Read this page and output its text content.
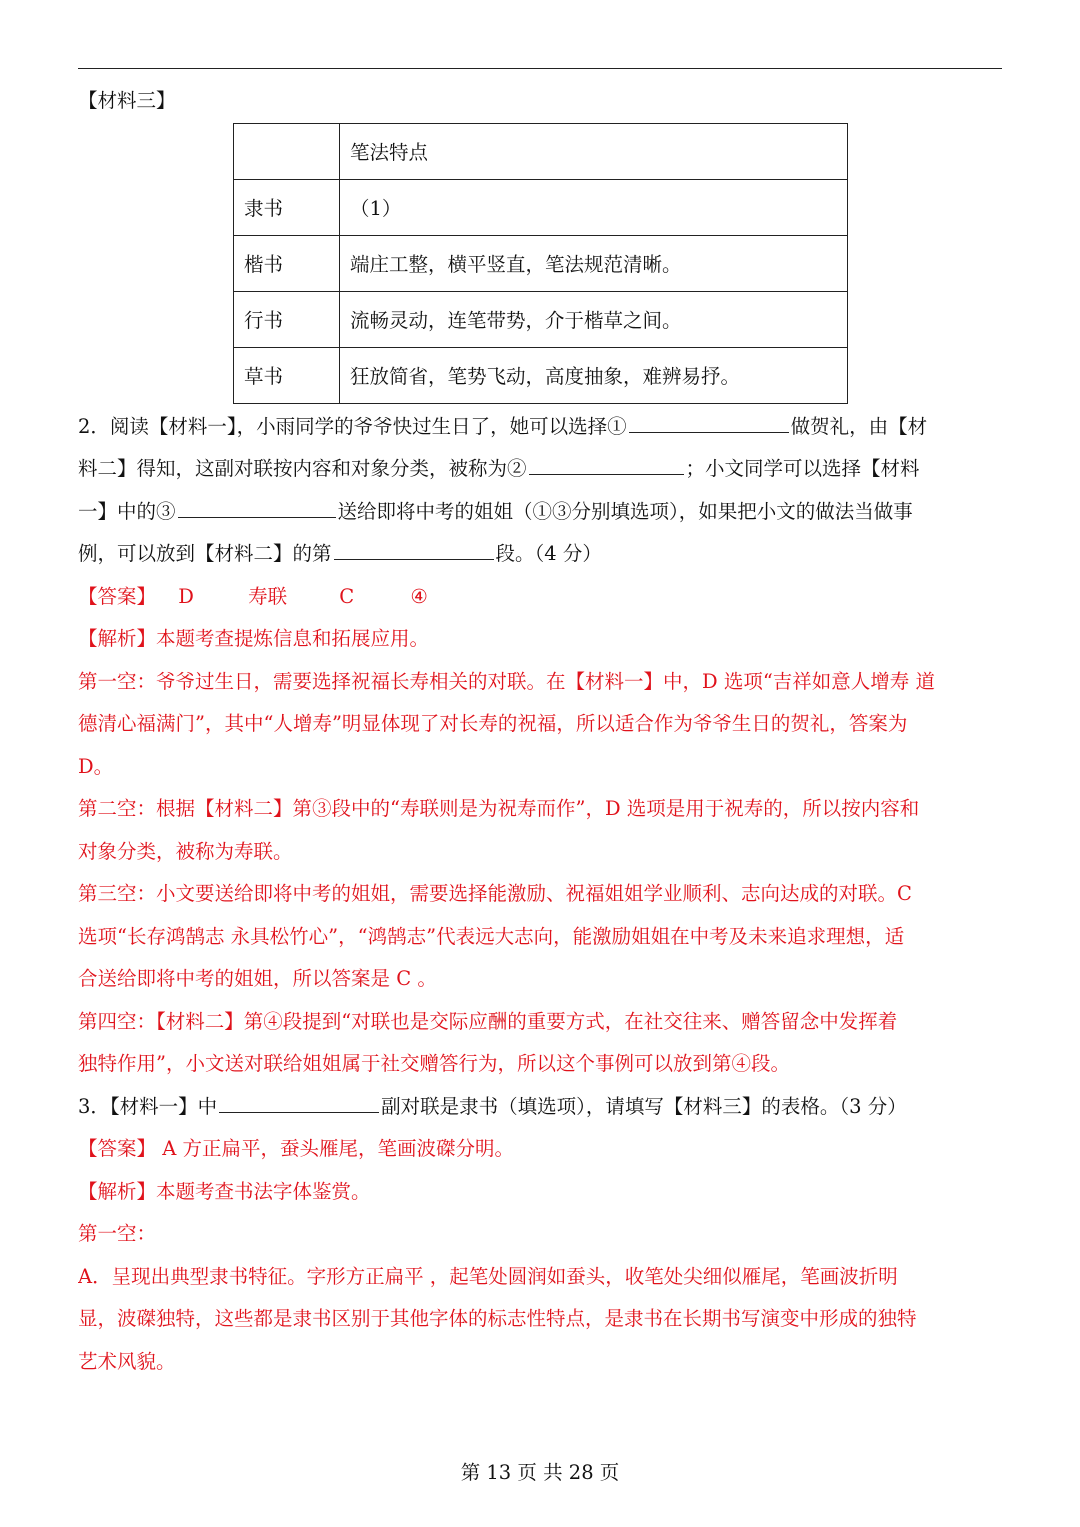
【材料三】
	笔法特点
隶书	（1）
楷书	端庄工整，横平竖直，笔法规范清晰。
行书	流畅灵动，连笔带势，介于楷草之间。
草书	狂放简省，笔势飞动，高度抽象，难辨易抒。
2．阅读【材料一】，小雨同学的爷爷快过生日了，她可以选择①	做贺礼，由【材
料二】得知，这副对联按内容和对象分类，被称为②	；小文同学可以选择【材料
一】中的③	送给即将中考的姐姐（①③分别填选项），如果把小文的做法当做事
例，可以放到【材料二】的第	段。（4 分）
【答案】 D	寿联	C	④
【解析】本题考查提炼信息和拓展应用。
第一空：爷爷过生日，需要选择祝福长寿相关的对联。在【材料一】中，D 选项“吉祥如意人增寿 道
德清心福满门”，其中“人增寿”明显体现了对长寿的祝福，所以适合作为爷爷生日的贺礼，答案为
D。
第二空：根据【材料二】第③段中的“寿联则是为祝寿而作”，D 选项是用于祝寿的，所以按内容和
对象分类，被称为寿联。
第三空：小文要送给即将中考的姐姐，需要选择能激励、祝福姐姐学业顺利、志向达成的对联。C
选项“长存鸿鹄志 永具松竹心”，“鸿鹄志”代表远大志向，能激励姐姐在中考及未来追求理想，适
合送给即将中考的姐姐，所以答案是 C 。
第四空：【材料二】第④段提到“对联也是交际应酬的重要方式，在社交往来、赠答留念中发挥着
独特作用”，小文送对联给姐姐属于社交赠答行为，所以这个事例可以放到第④段。
3．【材料一】中	副对联是隶书（填选项），请填写【材料三】的表格。（3 分）
【答案】 A 方正扁平，蚕头雁尾，笔画波磔分明。
【解析】本题考查书法字体鉴赏。
第一空：
A．呈现出典型隶书特征。字形方正扁平 ，起笔处圆润如蚕头，收笔处尖细似雁尾，笔画波折明
显，波磔独特，这些都是隶书区别于其他字体的标志性特点，是隶书在长期书写演变中形成的独特
艺术风貌。
第 13 页 共 28 页
